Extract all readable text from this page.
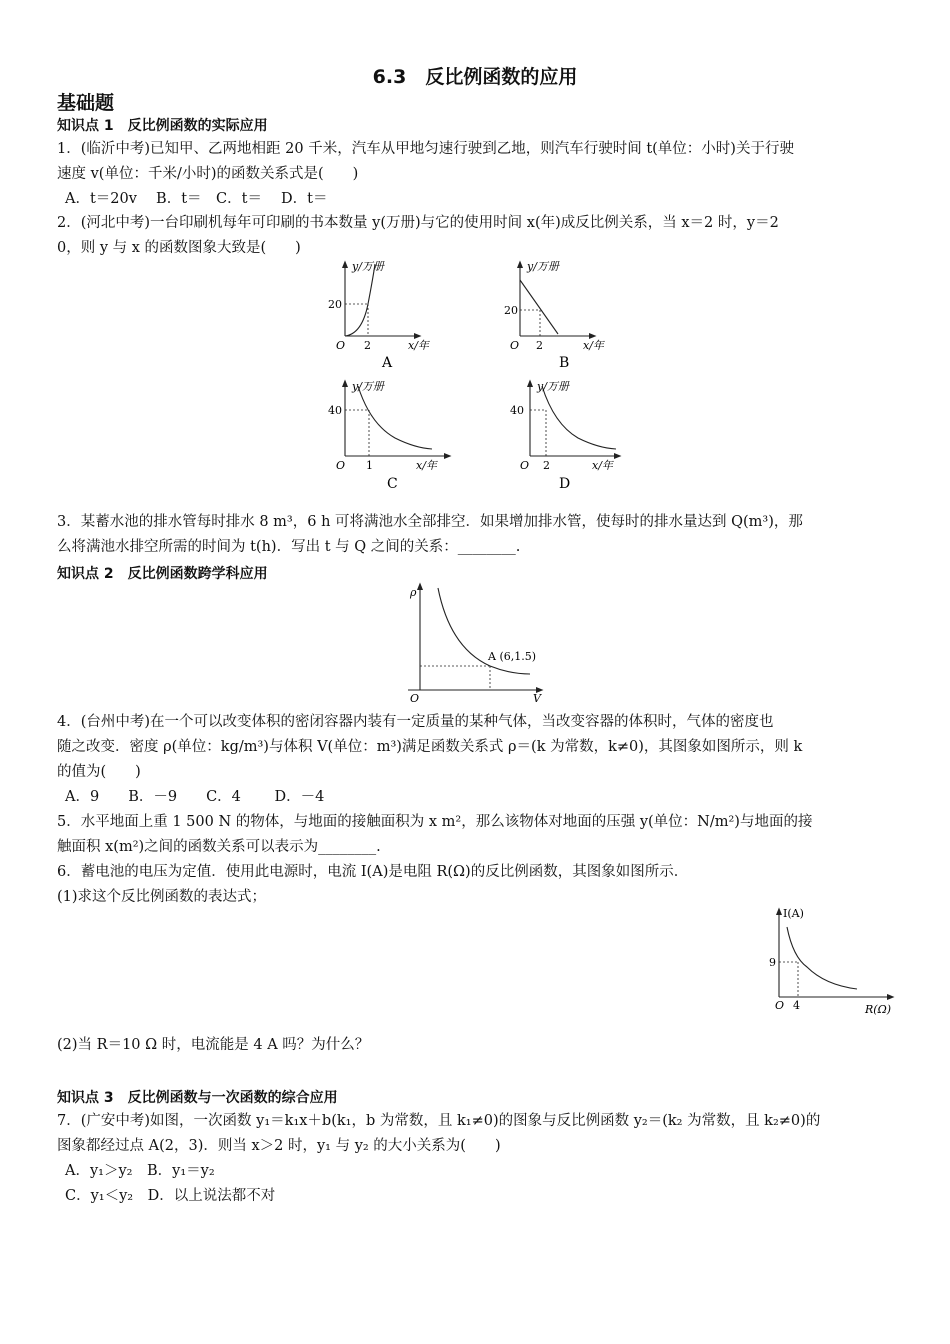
6.3　反比例函数的应用
基础题
知识点 1　反比例函数的实际应用
1．(临沂中考)已知甲、乙两地相距 20 千米，汽车从甲地匀速行驶到乙地，则汽车行驶时间 t(单位：小时)关于行驶
速度 v(单位：千米/小时)的函数关系式是(　　)
A．t＝20v　 B．t＝　C．t＝　 D．t＝
2．(河北中考)一台印刷机每年可印刷的书本数量 y(万册)与它的使用时间 x(年)成反比例关系，当 x＝2 时，y＝2
0，则 y 与 x 的函数图象大致是(　　)
y/万册
20
2
O	x/年
A
y/万册
20
2
O	x/年
B
y/万册
40
1
O	x/年
C
y/万册
40
2
O	x/年
D
3．某蓄水池的排水管每时排水 8 m³，6 h 可将满池水全部排空．如果增加排水管，使每时的排水量达到 Q(m³)，那
么将满池水排空所需的时间为 t(h)．写出 t 与 Q 之间的关系：________.
知识点 2　反比例函数跨学科应用
ρ
O	V
A (6,1.5)
4．(台州中考)在一个可以改变体积的密闭容器内装有一定质量的某种气体，当改变容器的体积时，气体的密度也
随之改变．密度 ρ(单位：kg/m³)与体积 V(单位：m³)满足函数关系式 ρ＝(k 为常数，k≠0)，其图象如图所示，则 k
的值为(　　)
A．9　　B．－9　　C．4　　 D．－4
5．水平地面上重 1 500 N 的物体，与地面的接触面积为 x m²，那么该物体对地面的压强 y(单位：N/m²)与地面的接
触面积 x(m²)之间的函数关系可以表示为________.
6．蓄电池的电压为定值．使用此电源时，电流 I(A)是电阻 R(Ω)的反比例函数，其图象如图所示．
(1)求这个反比例函数的表达式；
I(A)
9
4
O	R(Ω)
(2)当 R＝10 Ω 时，电流能是 4 A 吗？为什么？
知识点 3　反比例函数与一次函数的综合应用
7．(广安中考)如图，一次函数 y₁＝k₁x＋b(k₁，b 为常数，且 k₁≠0)的图象与反比例函数 y₂＝(k₂ 为常数，且 k₂≠0)的
图象都经过点 A(2，3)．则当 x＞2 时，y₁ 与 y₂ 的大小关系为(　　)
A．y₁＞y₂　B．y₁＝y₂
C．y₁＜y₂　D．以上说法都不对
